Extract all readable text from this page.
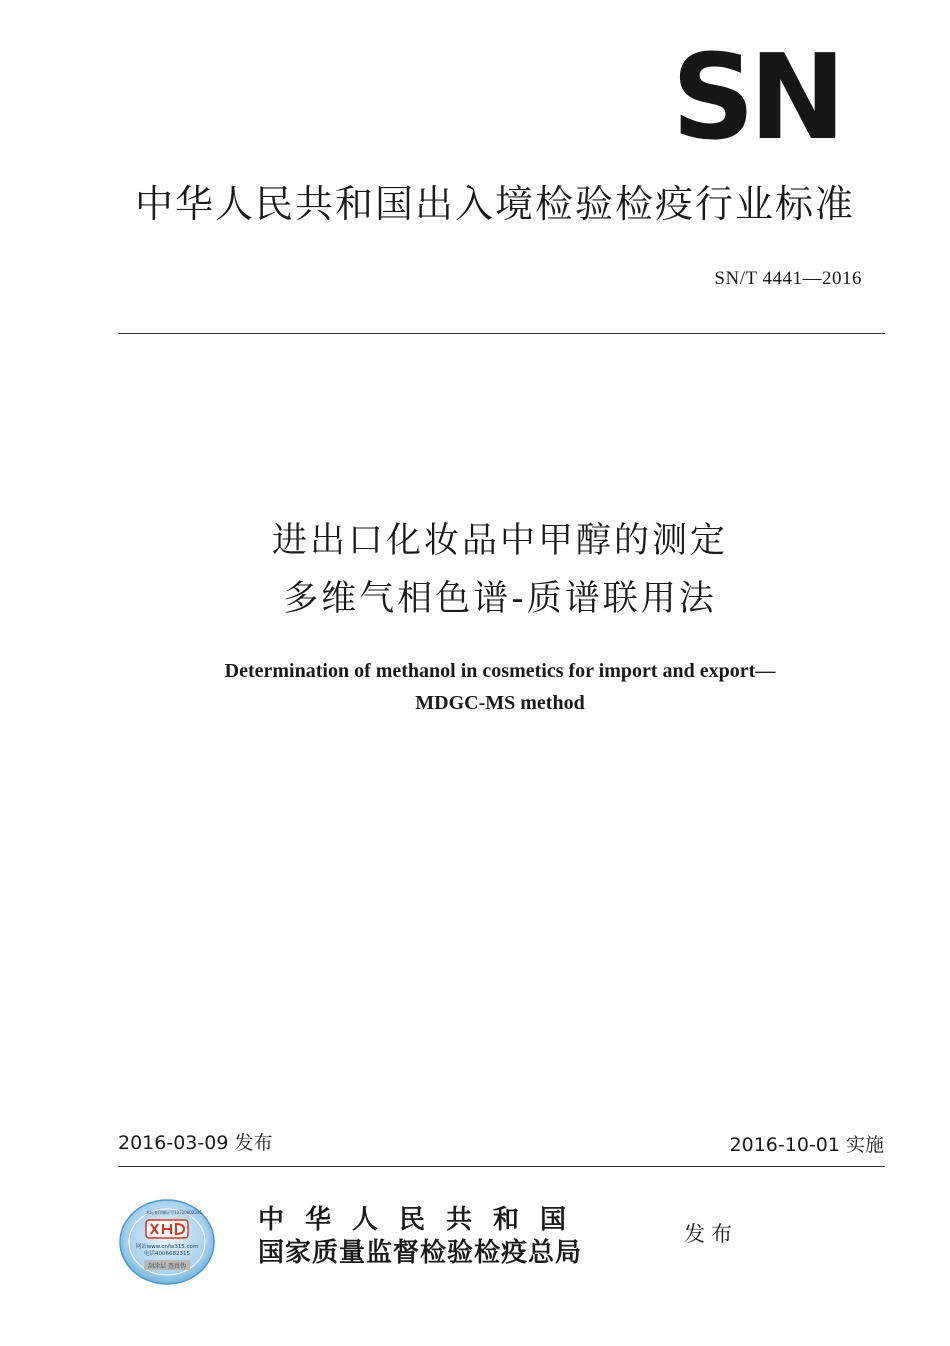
SN
中华人民共和国出入境检验检疫行业标准
SN/T 4441—2016
进出口化妆品中甲醇的测定
多维气相色谱-质谱联用法
Determination of methanol in cosmetics for import and export—
MDGC-MS method
2016-03-09 发布	2016-10-01 实施
网站www.cnfw315.com
电话4006682315
刮涂层 查真伪
本标签印制证号13700602315 中华人民共和国
国家质量监督检验检疫总局
发布
